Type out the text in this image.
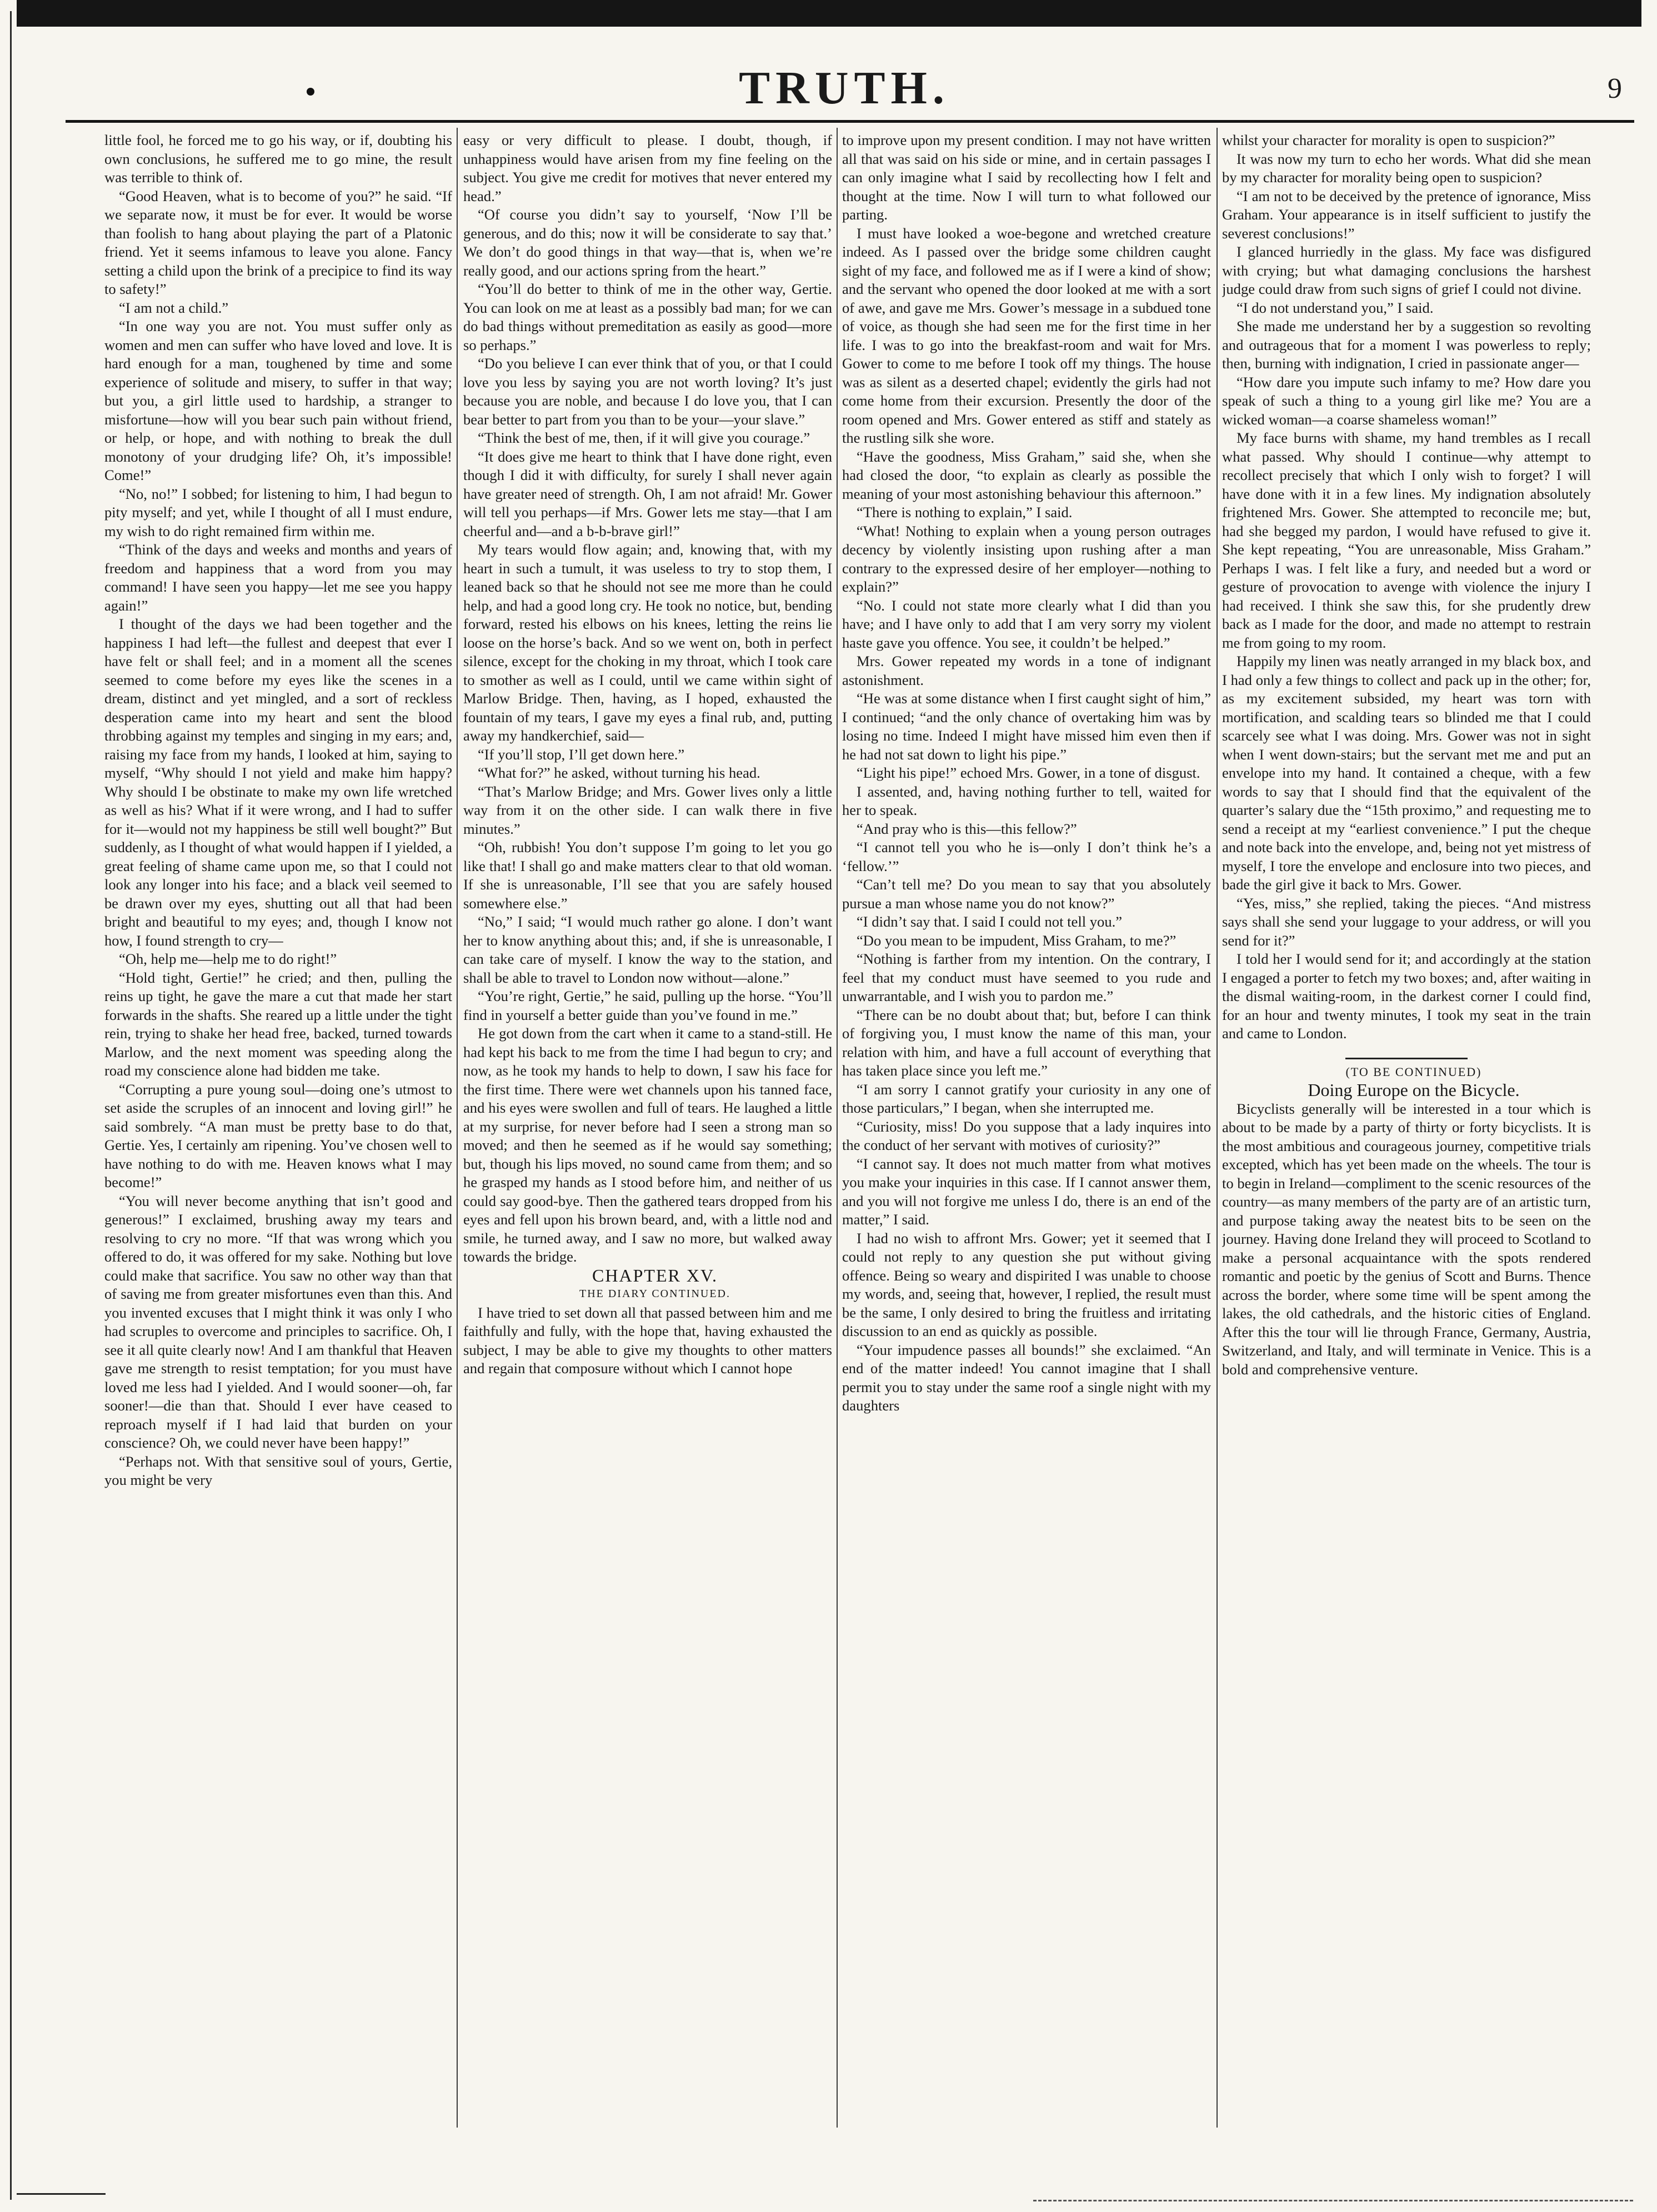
TRUTH.	9

little fool, he forced me to go his way, or if, doubting his own conclusions, he suffered me to go mine, the result was terrible to think of.

“Good Heaven, what is to become of you?” he said. “If we separate now, it must be for ever. It would be worse than foolish to hang about playing the part of a Platonic friend. Yet it seems infamous to leave you alone. Fancy setting a child upon the brink of a precipice to find its way to safety!”

“I am not a child.”

“In one way you are not. You must suffer only as women and men can suffer who have loved and love. It is hard enough for a man, toughened by time and some experience of solitude and misery, to suffer in that way; but you, a girl little used to hardship, a stranger to misfortune—how will you bear such pain without friend, or help, or hope, and with nothing to break the dull monotony of your drudging life? Oh, it’s impossible! Come!”

“No, no!” I sobbed; for listening to him, I had begun to pity myself; and yet, while I thought of all I must endure, my wish to do right remained firm within me.

“Think of the days and weeks and months and years of freedom and happiness that a word from you may command! I have seen you happy—let me see you happy again!”

I thought of the days we had been together and the happiness I had left—the fullest and deepest that ever I have felt or shall feel; and in a moment all the scenes seemed to come before my eyes like the scenes in a dream, distinct and yet mingled, and a sort of reckless desperation came into my heart and sent the blood throbbing against my temples and singing in my ears; and, raising my face from my hands, I looked at him, saying to myself, “Why should I not yield and make him happy? Why should I be obstinate to make my own life wretched as well as his? What if it were wrong, and I had to suffer for it—would not my happiness be still well bought?” But suddenly, as I thought of what would happen if I yielded, a great feeling of shame came upon me, so that I could not look any longer into his face; and a black veil seemed to be drawn over my eyes, shutting out all that had been bright and beautiful to my eyes; and, though I know not how, I found strength to cry—

“Oh, help me—help me to do right!”

“Hold tight, Gertie!” he cried; and then, pulling the reins up tight, he gave the mare a cut that made her start forwards in the shafts. She reared up a little under the tight rein, trying to shake her head free, backed, turned towards Marlow, and the next moment was speeding along the road my conscience alone had bidden me take.

“Corrupting a pure young soul—doing one’s utmost to set aside the scruples of an innocent and loving girl!” he said sombrely. “A man must be pretty base to do that, Gertie. Yes, I certainly am ripening. You’ve chosen well to have nothing to do with me. Heaven knows what I may become!”

“You will never become anything that isn’t good and generous!” I exclaimed, brushing away my tears and resolving to cry no more. “If that was wrong which you offered to do, it was offered for my sake. Nothing but love could make that sacrifice. You saw no other way than that of saving me from greater misfortunes even than this. And you invented excuses that I might think it was only I who had scruples to overcome and principles to sacrifice. Oh, I see it all quite clearly now! And I am thankful that Heaven gave me strength to resist temptation; for you must have loved me less had I yielded. And I would sooner—oh, far sooner!—die than that. Should I ever have ceased to reproach myself if I had laid that burden on your conscience? Oh, we could never have been happy!”

“Perhaps not. With that sensitive soul of yours, Gertie, you might be very

easy or very difficult to please. I doubt, though, if unhappiness would have arisen from my fine feeling on the subject. You give me credit for motives that never entered my head.”

“Of course you didn’t say to yourself, ‘Now I’ll be generous, and do this; now it will be considerate to say that.’ We don’t do good things in that way—that is, when we’re really good, and our actions spring from the heart.”

“You’ll do better to think of me in the other way, Gertie. You can look on me at least as a possibly bad man; for we can do bad things without premeditation as easily as good—more so perhaps.”

“Do you believe I can ever think that of you, or that I could love you less by saying you are not worth loving? It’s just because you are noble, and because I do love you, that I can bear better to part from you than to be your—your slave.”

“Think the best of me, then, if it will give you courage.”

“It does give me heart to think that I have done right, even though I did it with difficulty, for surely I shall never again have greater need of strength. Oh, I am not afraid! Mr. Gower will tell you perhaps—if Mrs. Gower lets me stay—that I am cheerful and—and a b-b-brave girl!”

My tears would flow again; and, knowing that, with my heart in such a tumult, it was useless to try to stop them, I leaned back so that he should not see me more than he could help, and had a good long cry. He took no notice, but, bending forward, rested his elbows on his knees, letting the reins lie loose on the horse’s back. And so we went on, both in perfect silence, except for the choking in my throat, which I took care to smother as well as I could, until we came within sight of Marlow Bridge. Then, having, as I hoped, exhausted the fountain of my tears, I gave my eyes a final rub, and, putting away my handkerchief, said—

“If you’ll stop, I’ll get down here.”

“What for?” he asked, without turning his head.

“That’s Marlow Bridge; and Mrs. Gower lives only a little way from it on the other side. I can walk there in five minutes.”

“Oh, rubbish! You don’t suppose I’m going to let you go like that! I shall go and make matters clear to that old woman. If she is unreasonable, I’ll see that you are safely housed somewhere else.”

“No,” I said; “I would much rather go alone. I don’t want her to know anything about this; and, if she is unreasonable, I can take care of myself. I know the way to the station, and shall be able to travel to London now without—alone.”

“You’re right, Gertie,” he said, pulling up the horse. “You’ll find in yourself a better guide than you’ve found in me.”

He got down from the cart when it came to a stand-still. He had kept his back to me from the time I had begun to cry; and now, as he took my hands to help to down, I saw his face for the first time. There were wet channels upon his tanned face, and his eyes were swollen and full of tears. He laughed a little at my surprise, for never before had I seen a strong man so moved; and then he seemed as if he would say something; but, though his lips moved, no sound came from them; and so he grasped my hands as I stood before him, and neither of us could say good-bye. Then the gathered tears dropped from his eyes and fell upon his brown beard, and, with a little nod and smile, he turned away, and I saw no more, but walked away towards the bridge.

CHAPTER XV.

THE DIARY CONTINUED.

I have tried to set down all that passed between him and me faithfully and fully, with the hope that, having exhausted the subject, I may be able to give my thoughts to other matters and regain that composure without which I cannot hope

to improve upon my present condition. I may not have written all that was said on his side or mine, and in certain passages I can only imagine what I said by recollecting how I felt and thought at the time. Now I will turn to what followed our parting.

I must have looked a woe-begone and wretched creature indeed. As I passed over the bridge some children caught sight of my face, and followed me as if I were a kind of show; and the servant who opened the door looked at me with a sort of awe, and gave me Mrs. Gower’s message in a subdued tone of voice, as though she had seen me for the first time in her life. I was to go into the breakfast-room and wait for Mrs. Gower to come to me before I took off my things. The house was as silent as a deserted chapel; evidently the girls had not come home from their excursion. Presently the door of the room opened and Mrs. Gower entered as stiff and stately as the rustling silk she wore.

“Have the goodness, Miss Graham,” said she, when she had closed the door, “to explain as clearly as possible the meaning of your most astonishing behaviour this afternoon.”

“There is nothing to explain,” I said.

“What! Nothing to explain when a young person outrages decency by violently insisting upon rushing after a man contrary to the expressed desire of her employer—nothing to explain?”

“No. I could not state more clearly what I did than you have; and I have only to add that I am very sorry my violent haste gave you offence. You see, it couldn’t be helped.”

Mrs. Gower repeated my words in a tone of indignant astonishment.

“He was at some distance when I first caught sight of him,” I continued; “and the only chance of overtaking him was by losing no time. Indeed I might have missed him even then if he had not sat down to light his pipe.”

“Light his pipe!” echoed Mrs. Gower, in a tone of disgust.

I assented, and, having nothing further to tell, waited for her to speak.

“And pray who is this—this fellow?”

“I cannot tell you who he is—only I don’t think he’s a ‘fellow.’”

“Can’t tell me? Do you mean to say that you absolutely pursue a man whose name you do not know?”

“I didn’t say that. I said I could not tell you.”

“Do you mean to be impudent, Miss Graham, to me?”

“Nothing is farther from my intention. On the contrary, I feel that my conduct must have seemed to you rude and unwarrantable, and I wish you to pardon me.”

“There can be no doubt about that; but, before I can think of forgiving you, I must know the name of this man, your relation with him, and have a full account of everything that has taken place since you left me.”

“I am sorry I cannot gratify your curiosity in any one of those particulars,” I began, when she interrupted me.

“Curiosity, miss! Do you suppose that a lady inquires into the conduct of her servant with motives of curiosity?”

“I cannot say. It does not much matter from what motives you make your inquiries in this case. If I cannot answer them, and you will not forgive me unless I do, there is an end of the matter,” I said.

I had no wish to affront Mrs. Gower; yet it seemed that I could not reply to any question she put without giving offence. Being so weary and dispirited I was unable to choose my words, and, seeing that, however, I replied, the result must be the same, I only desired to bring the fruitless and irritating discussion to an end as quickly as possible.

“Your impudence passes all bounds!” she exclaimed. “An end of the matter indeed! You cannot imagine that I shall permit you to stay under the same roof a single night with my daughters

whilst your character for morality is open to suspicion?”

It was now my turn to echo her words. What did she mean by my character for morality being open to suspicion?

“I am not to be deceived by the pretence of ignorance, Miss Graham. Your appearance is in itself sufficient to justify the severest conclusions!”

I glanced hurriedly in the glass. My face was disfigured with crying; but what damaging conclusions the harshest judge could draw from such signs of grief I could not divine.

“I do not understand you,” I said.

She made me understand her by a suggestion so revolting and outrageous that for a moment I was powerless to reply; then, burning with indignation, I cried in passionate anger—

“How dare you impute such infamy to me? How dare you speak of such a thing to a young girl like me? You are a wicked woman—a coarse shameless woman!”

My face burns with shame, my hand trembles as I recall what passed. Why should I continue—why attempt to recollect precisely that which I only wish to forget? I will have done with it in a few lines. My indignation absolutely frightened Mrs. Gower. She attempted to reconcile me; but, had she begged my pardon, I would have refused to give it. She kept repeating, “You are unreasonable, Miss Graham.” Perhaps I was. I felt like a fury, and needed but a word or gesture of provocation to avenge with violence the injury I had received. I think she saw this, for she prudently drew back as I made for the door, and made no attempt to restrain me from going to my room.

Happily my linen was neatly arranged in my black box, and I had only a few things to collect and pack up in the other; for, as my excitement subsided, my heart was torn with mortification, and scalding tears so blinded me that I could scarcely see what I was doing. Mrs. Gower was not in sight when I went down-stairs; but the servant met me and put an envelope into my hand. It contained a cheque, with a few words to say that I should find that the equivalent of the quarter’s salary due the “15th proximo,” and requesting me to send a receipt at my “earliest convenience.” I put the cheque and note back into the envelope, and, being not yet mistress of myself, I tore the envelope and enclosure into two pieces, and bade the girl give it back to Mrs. Gower.

“Yes, miss,” she replied, taking the pieces. “And mistress says shall she send your luggage to your address, or will you send for it?”

I told her I would send for it; and accordingly at the station I engaged a porter to fetch my two boxes; and, after waiting in the dismal waiting-room, in the darkest corner I could find, for an hour and twenty minutes, I took my seat in the train and came to London.

(TO BE CONTINUED)

Doing Europe on the Bicycle.

Bicyclists generally will be interested in a tour which is about to be made by a party of thirty or forty bicyclists. It is the most ambitious and courageous journey, competitive trials excepted, which has yet been made on the wheels. The tour is to begin in Ireland—compliment to the scenic resources of the country—as many members of the party are of an artistic turn, and purpose taking away the neatest bits to be seen on the journey. Having done Ireland they will proceed to Scotland to make a personal acquaintance with the spots rendered romantic and poetic by the genius of Scott and Burns. Thence across the border, where some time will be spent among the lakes, the old cathedrals, and the historic cities of England. After this the tour will lie through France, Germany, Austria, Switzerland, and Italy, and will terminate in Venice. This is a bold and comprehensive venture.
